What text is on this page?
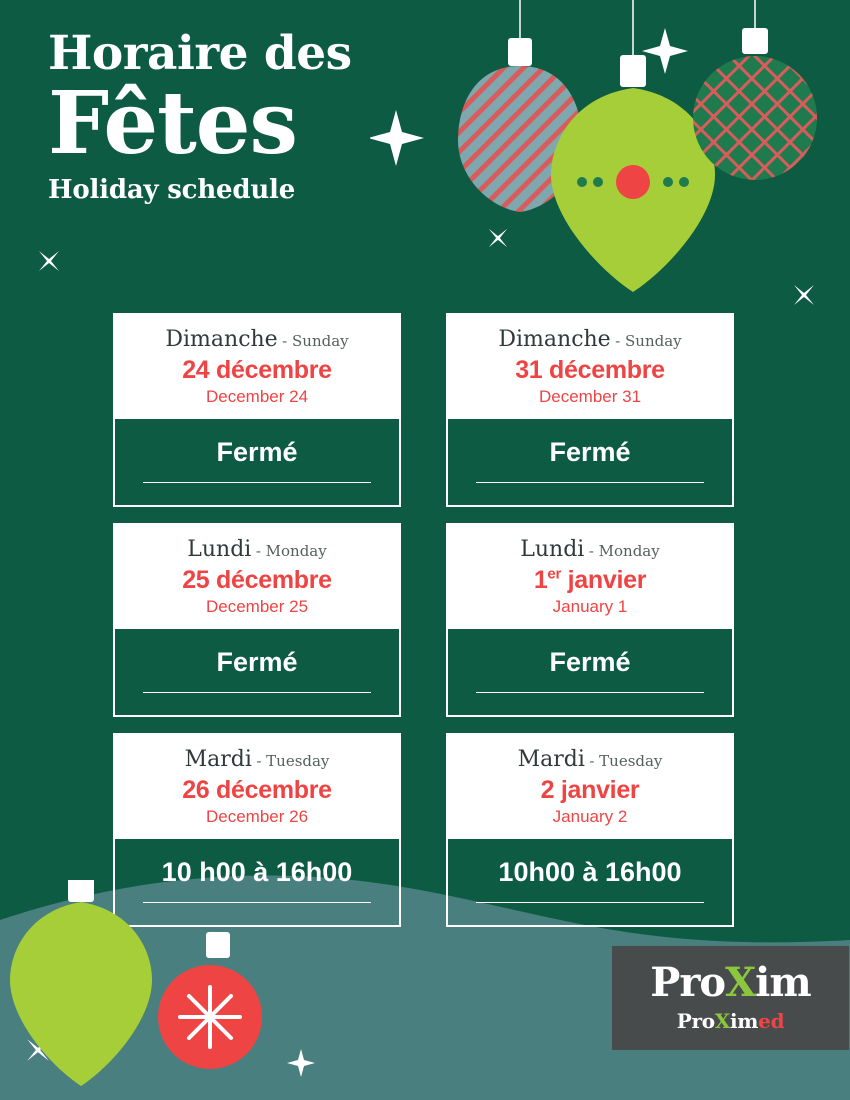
Horaire des
Fêtes
Holiday schedule
Dimanche - Sunday
24 décembre
December 24
Fermé
Dimanche - Sunday
31 décembre
December 31
Fermé
Lundi - Monday
25 décembre
December 25
Fermé
Lundi - Monday
1er janvier
January 1
Fermé
Mardi - Tuesday
26 décembre
December 26
10 h00 à 16h00
Mardi - Tuesday
2 janvier
January 2
10h00 à 16h00
ProXim
ProXimed
